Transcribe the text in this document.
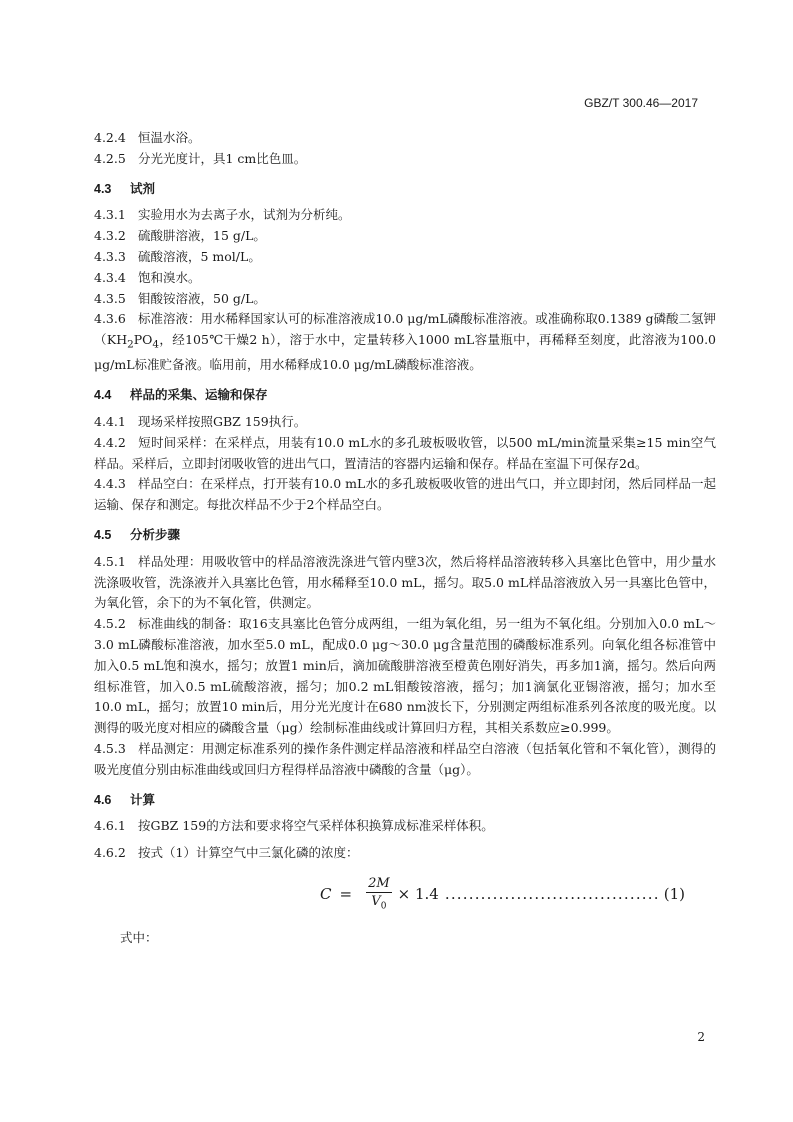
GBZ/T 300.46—2017

4.2.4 恒温水浴。

4.2.5 分光光度计，具1 cm比色皿。

4.3 试剂

4.3.1 实验用水为去离子水，试剂为分析纯。

4.3.2 硫酸肼溶液，15 g/L。

4.3.3 硫酸溶液，5 mol/L。

4.3.4 饱和溴水。

4.3.5 钼酸铵溶液，50 g/L。

4.3.6 标准溶液：用水稀释国家认可的标准溶液成10.0 μg/mL磷酸标准溶液。或准确称取0.1389 g磷酸二氢钾（$KH_2PO_4$，经105℃干燥2 h），溶于水中，定量转移入1000 mL容量瓶中，再稀释至刻度，此溶液为100.0 μg/mL标准贮备液。临用前，用水稀释成10.0 μg/mL磷酸标准溶液。

4.4 样品的采集、运输和保存

4.4.1 现场采样按照GBZ 159执行。

4.4.2 短时间采样：在采样点，用装有10.0 mL水的多孔玻板吸收管，以500 mL/min流量采集≥15 min空气样品。采样后，立即封闭吸收管的进出气口，置清洁的容器内运输和保存。样品在室温下可保存2d。

4.4.3 样品空白：在采样点，打开装有10.0 mL水的多孔玻板吸收管的进出气口，并立即封闭，然后同样品一起运输、保存和测定。每批次样品不少于2个样品空白。

4.5 分析步骤

4.5.1 样品处理：用吸收管中的样品溶液洗涤进气管内壁3次，然后将样品溶液转移入具塞比色管中，用少量水洗涤吸收管，洗涤液并入具塞比色管，用水稀释至10.0 mL，摇匀。取5.0 mL样品溶液放入另一具塞比色管中，为氧化管，余下的为不氧化管，供测定。

4.5.2 标准曲线的制备：取16支具塞比色管分成两组，一组为氧化组，另一组为不氧化组。分别加入0.0 mL～3.0 mL磷酸标准溶液，加水至5.0 mL，配成0.0 μg～30.0 μg含量范围的磷酸标准系列。向氧化组各标准管中加入0.5 mL饱和溴水，摇匀；放置1 min后，滴加硫酸肼溶液至橙黄色刚好消失，再多加1滴，摇匀。然后向两组标准管，加入0.5 mL硫酸溶液，摇匀；加0.2 mL钼酸铵溶液，摇匀；加1滴氯化亚锡溶液，摇匀；加水至10.0 mL，摇匀；放置10 min后，用分光光度计在680 nm波长下，分别测定两组标准系列各浓度的吸光度。以测得的吸光度对相应的磷酸含量（μg）绘制标准曲线或计算回归方程，其相关系数应≥0.999。

4.5.3 样品测定：用测定标准系列的操作条件测定样品溶液和样品空白溶液（包括氧化管和不氧化管），测得的吸光度值分别由标准曲线或回归方程得样品溶液中磷酸的含量（μg）。

4.6 计算

4.6.1 按GBZ 159的方法和要求将空气采样体积换算成标准采样体积。

4.6.2 按式（1）计算空气中三氯化磷的浓度：

$C = \frac{2M}{V_0} \times 1.4$ .................................... (1)
式中：
2
